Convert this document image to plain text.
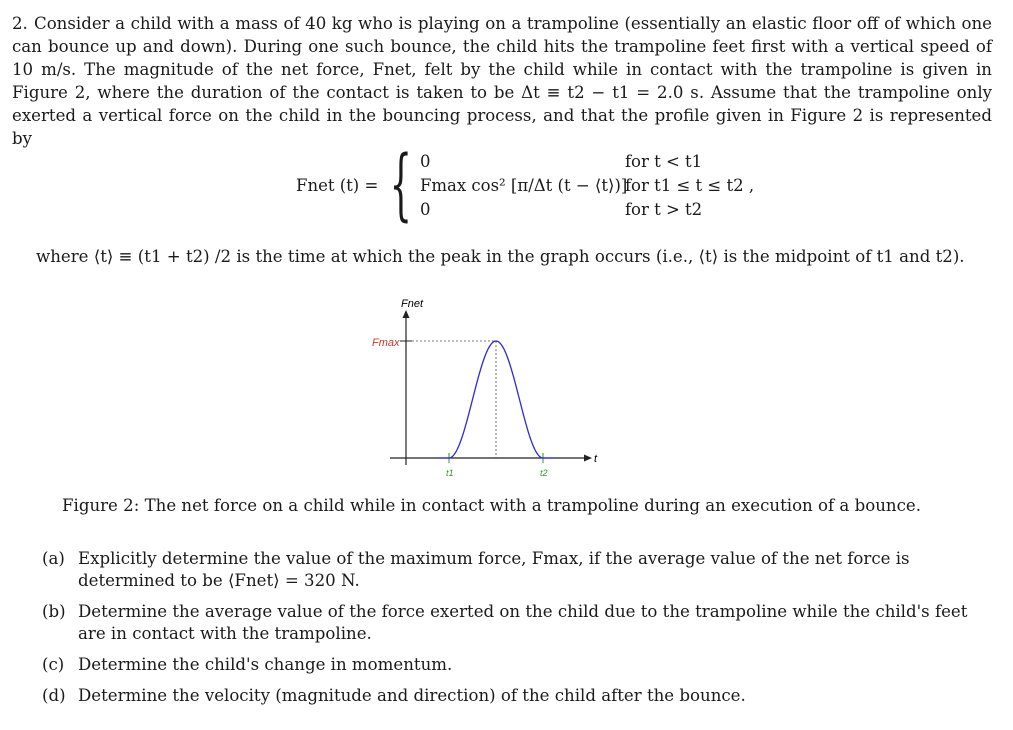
2. Consider a child with a mass of 40 kg who is playing on a trampoline (essentially an elastic floor off of which one can bounce up and down). During one such bounce, the child hits the trampoline feet first with a vertical speed of 10 m/s. The magnitude of the net force, Fnet, felt by the child while in contact with the trampoline is given in Figure 2, where the duration of the contact is taken to be Δt ≡ t2 − t1 = 2.0 s. Assume that the trampoline only exerted a vertical force on the child in the bouncing process, and that the profile given in Figure 2 is represented by
Fnet (t) = { 0	for t < t1
Fmax cos² [π/Δt (t − ⟨t⟩)]
for t1 ≤ t ≤ t2 ,
0	for t > t2
where ⟨t⟩ ≡ (t1 + t2) /2 is the time at which the peak in the graph occurs (i.e., ⟨t⟩ is the midpoint of t1 and t2).
Fnet
Fmax
t
t1	t2
Figure 2: The net force on a child while in contact with a trampoline during an execution of a bounce.
(a) Explicitly determine the value of the maximum force, Fmax, if the average value of the net force is determined to be ⟨Fnet⟩ = 320 N.
(b) Determine the average value of the force exerted on the child due to the trampoline while the child's feet are in contact with the trampoline.
(c) Determine the child's change in momentum.
(d) Determine the velocity (magnitude and direction) of the child after the bounce.
